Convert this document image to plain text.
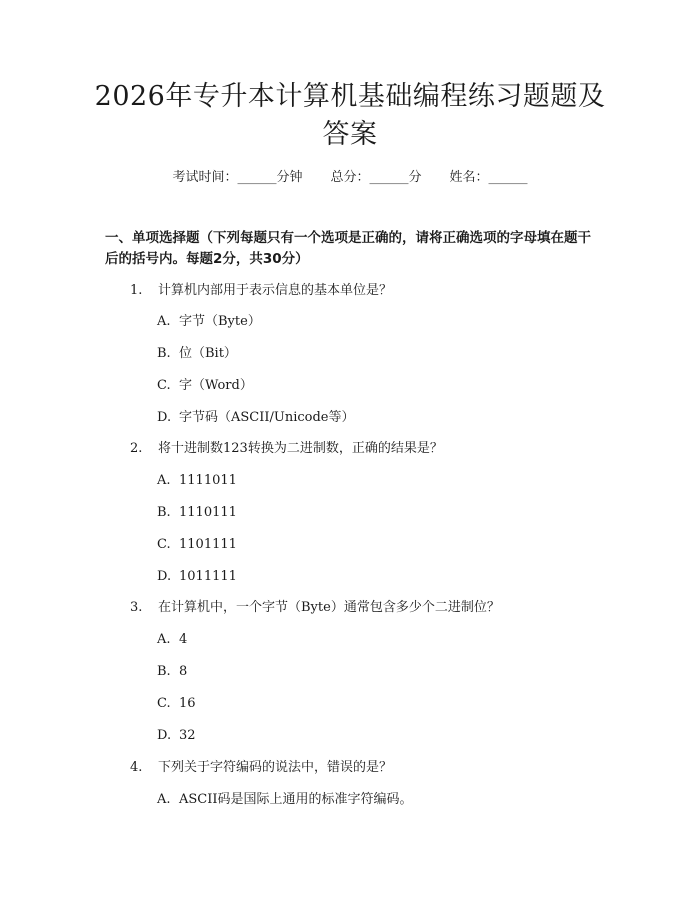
2026年专升本计算机基础编程练习题题及答案
考试时间：______分钟 总分：______分 姓名：______
一、单项选择题（下列每题只有一个选项是正确的，请将正确选项的字母填在题干后的括号内。每题2分，共30分）
1. 计算机内部用于表示信息的基本单位是？
A. 字节（Byte）
B. 位（Bit）
C. 字（Word）
D. 字节码（ASCII/Unicode等）
2. 将十进制数123转换为二进制数，正确的结果是？
A. 1111011
B. 1110111
C. 1101111
D. 1011111
3. 在计算机中，一个字节（Byte）通常包含多少个二进制位？
A. 4
B. 8
C. 16
D. 32
4. 下列关于字符编码的说法中，错误的是？
A. ASCII码是国际上通用的标准字符编码。
